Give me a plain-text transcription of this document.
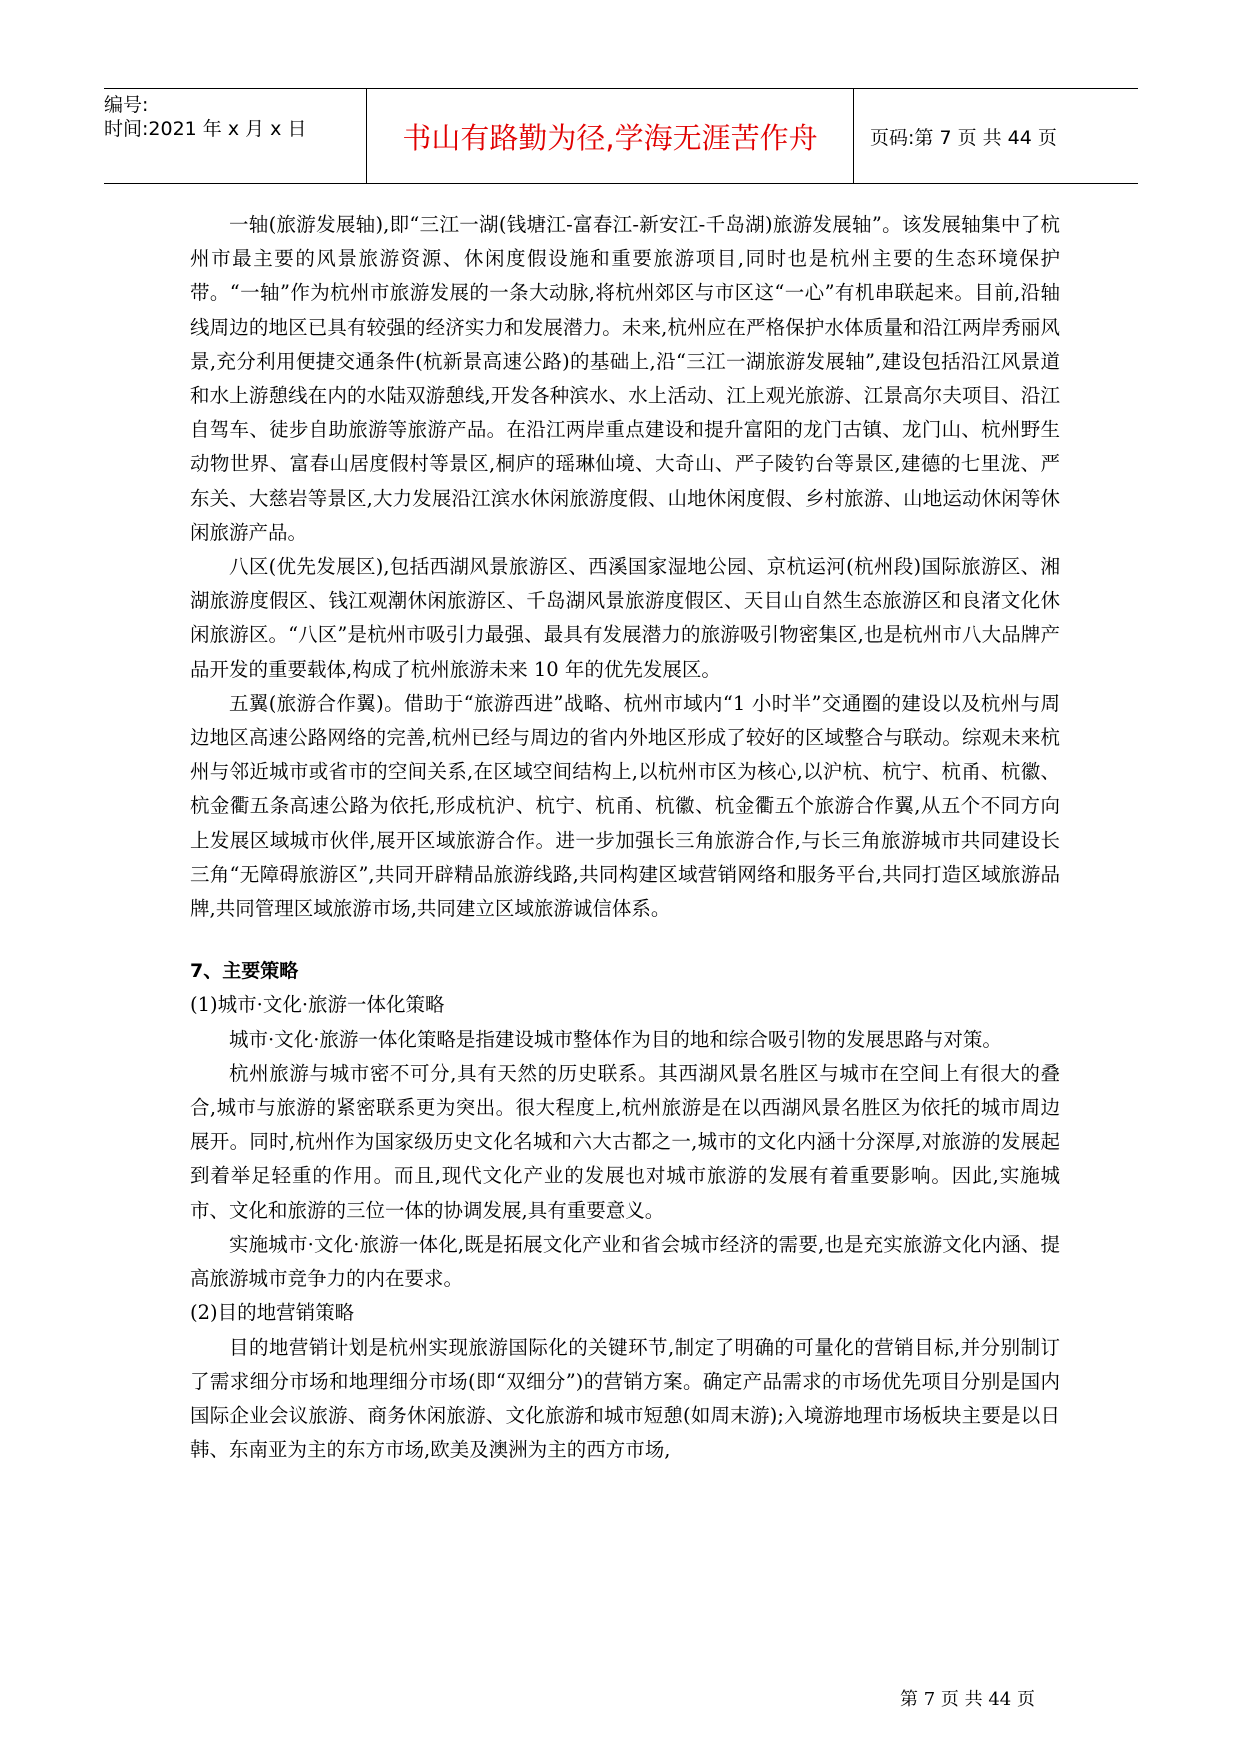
编号:
时间:2021 年 x 月 x 日	书山有路勤为径,学海无涯苦作舟	页码:第 7 页 共 44 页

一轴(旅游发展轴),即“三江一湖(钱塘江-富春江-新安江-千岛湖)旅游发展轴”。该发展轴集中了杭州市最主要的风景旅游资源、休闲度假设施和重要旅游项目,同时也是杭州主要的生态环境保护带。“一轴”作为杭州市旅游发展的一条大动脉,将杭州郊区与市区这“一心”有机串联起来。目前,沿轴线周边的地区已具有较强的经济实力和发展潜力。未来,杭州应在严格保护水体质量和沿江两岸秀丽风景,充分利用便捷交通条件(杭新景高速公路)的基础上,沿“三江一湖旅游发展轴”,建设包括沿江风景道和水上游憩线在内的水陆双游憩线,开发各种滨水、水上活动、江上观光旅游、江景高尔夫项目、沿江自驾车、徒步自助旅游等旅游产品。在沿江两岸重点建设和提升富阳的龙门古镇、龙门山、杭州野生动物世界、富春山居度假村等景区,桐庐的瑶琳仙境、大奇山、严子陵钓台等景区,建德的七里泷、严东关、大慈岩等景区,大力发展沿江滨水休闲旅游度假、山地休闲度假、乡村旅游、山地运动休闲等休闲旅游产品。

八区(优先发展区),包括西湖风景旅游区、西溪国家湿地公园、京杭运河(杭州段)国际旅游区、湘湖旅游度假区、钱江观潮休闲旅游区、千岛湖风景旅游度假区、天目山自然生态旅游区和良渚文化休闲旅游区。“八区”是杭州市吸引力最强、最具有发展潜力的旅游吸引物密集区,也是杭州市八大品牌产品开发的重要载体,构成了杭州旅游未来 10 年的优先发展区。

五翼(旅游合作翼)。借助于“旅游西进”战略、杭州市域内“1 小时半”交通圈的建设以及杭州与周边地区高速公路网络的完善,杭州已经与周边的省内外地区形成了较好的区域整合与联动。综观未来杭州与邻近城市或省市的空间关系,在区域空间结构上,以杭州市区为核心,以沪杭、杭宁、杭甬、杭徽、杭金衢五条高速公路为依托,形成杭沪、杭宁、杭甬、杭徽、杭金衢五个旅游合作翼,从五个不同方向上发展区域城市伙伴,展开区域旅游合作。进一步加强长三角旅游合作,与长三角旅游城市共同建设长三角“无障碍旅游区”,共同开辟精品旅游线路,共同构建区域营销网络和服务平台,共同打造区域旅游品牌,共同管理区域旅游市场,共同建立区域旅游诚信体系。

7、主要策略

(1)城市·文化·旅游一体化策略

城市·文化·旅游一体化策略是指建设城市整体作为目的地和综合吸引物的发展思路与对策。

杭州旅游与城市密不可分,具有天然的历史联系。其西湖风景名胜区与城市在空间上有很大的叠合,城市与旅游的紧密联系更为突出。很大程度上,杭州旅游是在以西湖风景名胜区为依托的城市周边展开。同时,杭州作为国家级历史文化名城和六大古都之一,城市的文化内涵十分深厚,对旅游的发展起到着举足轻重的作用。而且,现代文化产业的发展也对城市旅游的发展有着重要影响。因此,实施城市、文化和旅游的三位一体的协调发展,具有重要意义。

实施城市·文化·旅游一体化,既是拓展文化产业和省会城市经济的需要,也是充实旅游文化内涵、提高旅游城市竞争力的内在要求。

(2)目的地营销策略

目的地营销计划是杭州实现旅游国际化的关键环节,制定了明确的可量化的营销目标,并分别制订了需求细分市场和地理细分市场(即“双细分”)的营销方案。确定产品需求的市场优先项目分别是国内国际企业会议旅游、商务休闲旅游、文化旅游和城市短憩(如周末游);入境游地理市场板块主要是以日韩、东南亚为主的东方市场,欧美及澳洲为主的西方市场,

第 7 页 共 44 页
